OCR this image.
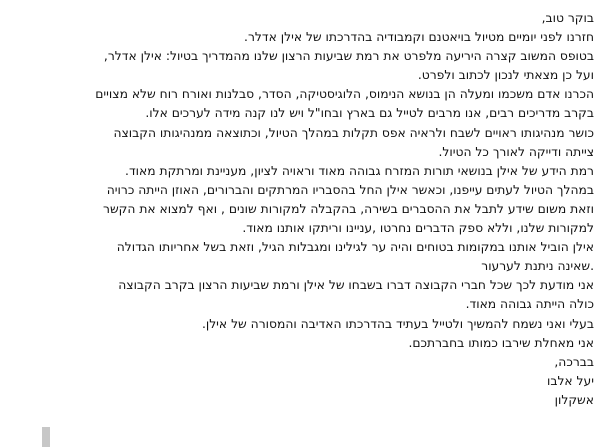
בוקר טוב,
חזרנו לפני יומיים מטיול בויאטנם וקמבודיה בהדרכתו של אילן אדלר.
בטופס המשוב קצרה היריעה מלפרט את רמת שביעות הרצון שלנו מהמדריך בטיול: אילן אדלר,
ועל כן מצאתי לנכון לכתוב ולפרט.
הכרנו אדם משכמו ומעלה הן בנושא הנימוס, הלוגיסטיקה, הסדר, סבלנות ואורח רוח שלא מצויים
בקרב מדריכים רבים, אנו מרבים לטייל גם בארץ ובחו"ל ויש לנו קנה מידה לערכים אלו.
כושר מנהיגותו ראויים לשבח ולראיה אפס תקלות במהלך הטיול, וכתוצאה ממנהיגותו הקבוצה
צייתה ודייקה לאורך כל הטיול.
רמת הידע של אילן בנושאי תורות המזרח גבוהה מאוד וראויה לציון, מעניינת ומרתקת מאוד.
במהלך הטיול לעתים עייפנו, וכאשר אילן החל בהסבריו המרתקים והברורים, האוזן הייתה כרויה
וזאת משום שידע לתבל את ההסברים בשירה, בהקבלה למקורות שונים , ואף למצוא את הקשר
למקורות שלנו, וללא ספק הדברים נחרטו ,עניינו וריתקו אותנו מאוד.
אילן הוביל אותנו במקומות בטוחים והיה ער לגילינו ומגבלות הגיל, וזאת בשל אחריותו הגדולה
.שאינה ניתנת לערעור
אני מודעת לכך שכל חברי הקבוצה דברו בשבחו של אילן ורמת שביעות הרצון בקרב הקבוצה
כולה הייתה גבוהה מאוד.
בעלי ואני נשמח להמשיך ולטייל בעתיד בהדרכתו האדיבה והמסורה של אילן.
אני מאחלת שירבו כמותו בחברתכם.
בברכה,
יעל אלבו
אשקלון
